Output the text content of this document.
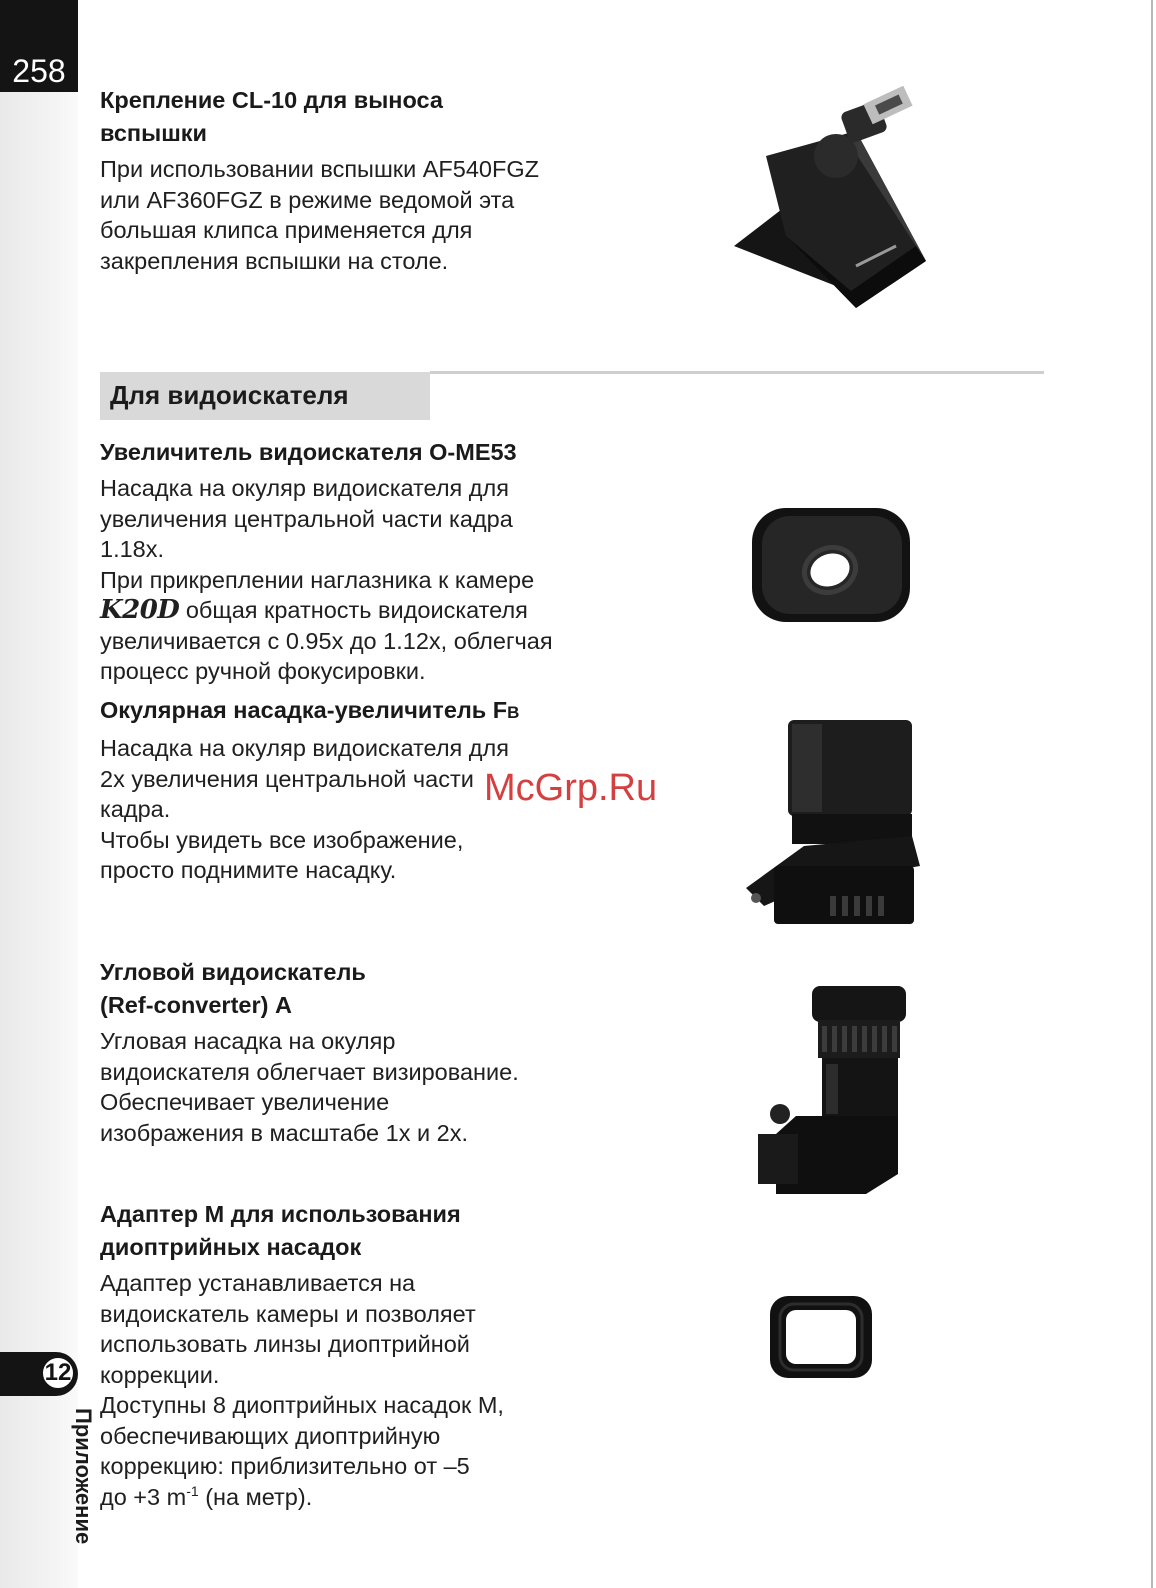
258
12
Приложение
Крепление CL-10 для выноса
вспышки

При использовании вспышки AF540FGZ
или AF360FGZ в режиме ведомой эта
большая клипса применяется для
закрепления вспышки на столе.

Для видоискателя
Увеличитель видоискателя O-ME53

Насадка на окуляр видоискателя для
увеличения центральной части кадра
1.18x.
При прикреплении наглазника к камере
K20D общая кратность видоискателя
увеличивается с 0.95x до 1.12x, облегчая
процесс ручной фокусировки.

Окулярная насадка-увеличитель FB

Насадка на окуляр видоискателя для
2x увеличения центральной части
кадра.
Чтобы увидеть все изображение,
просто поднимите насадку.

Угловой видоискатель
(Ref-converter) A

Угловая насадка на окуляр
видоискателя облегчает визирование.
Обеспечивает увеличение
изображения в масштабе 1x и 2x.

Адаптер М для использования
диоптрийных насадок

Адаптер устанавливается на
видоискатель камеры и позволяет
использовать линзы диоптрийной
коррекции.
Доступны 8 диоптрийных насадок М,
обеспечивающих диоптрийную
коррекцию: приблизительно от –5
до +3 $m^{-1}$ (на метр).

McGrp.Ru
